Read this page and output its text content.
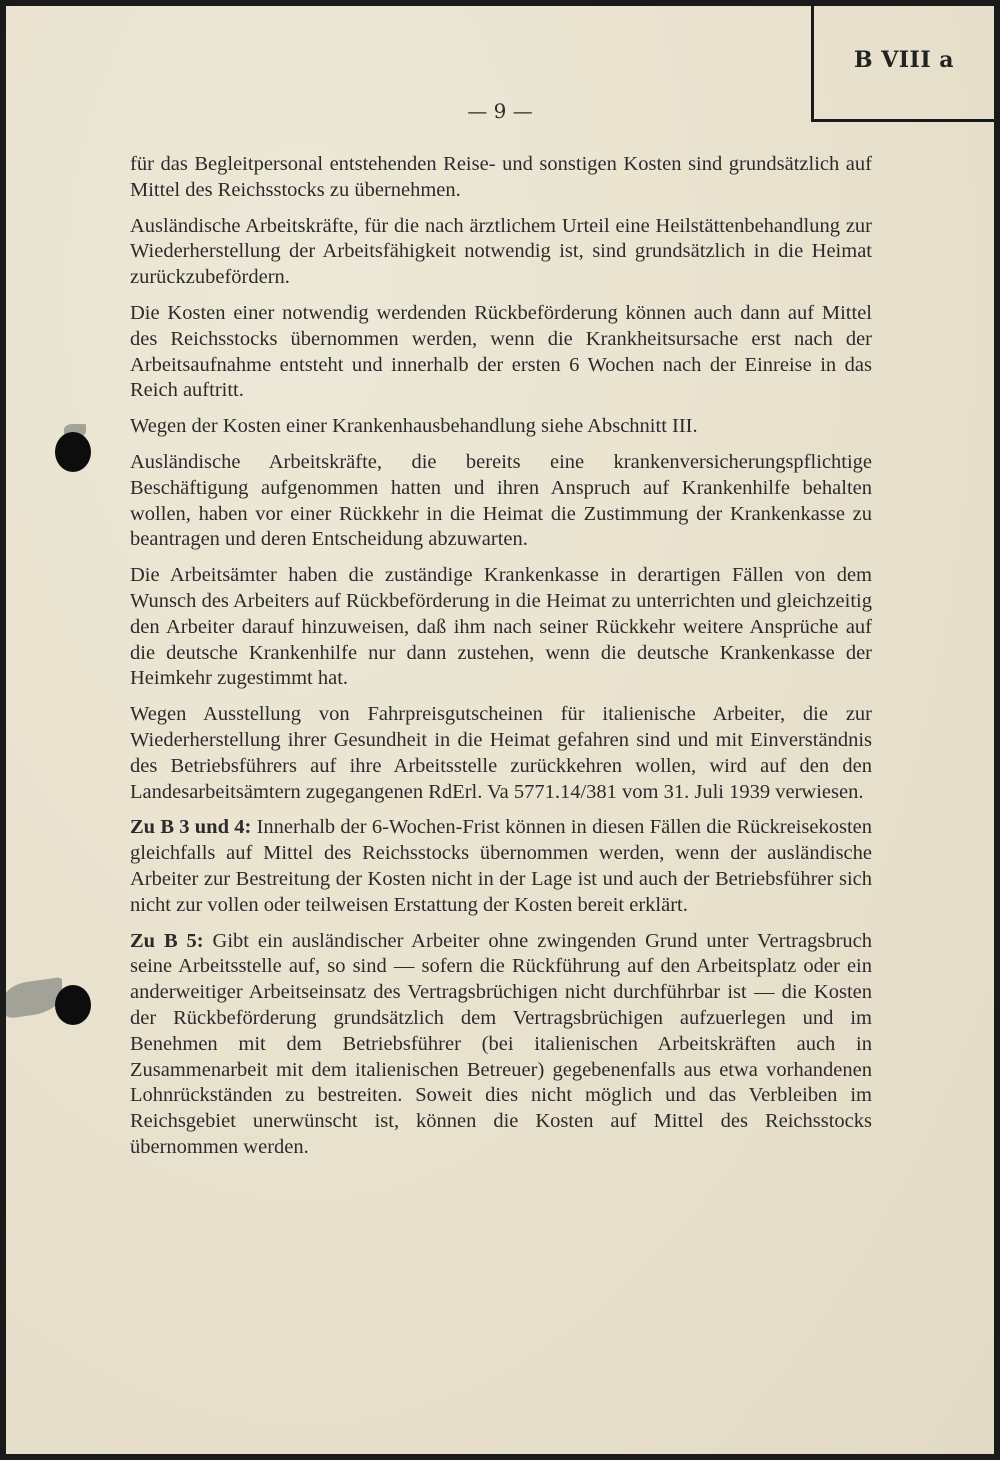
B VIII a
— 9 —

für das Begleitpersonal entstehenden Reise- und sonstigen Kosten sind grundsätzlich auf Mittel des Reichsstocks zu übernehmen.

Ausländische Arbeitskräfte, für die nach ärztlichem Urteil eine Heilstättenbehandlung zur Wiederherstellung der Arbeitsfähigkeit notwendig ist, sind grundsätzlich in die Heimat zurückzubefördern.

Die Kosten einer notwendig werdenden Rückbeförderung können auch dann auf Mittel des Reichsstocks übernommen werden, wenn die Krankheitsursache erst nach der Arbeitsaufnahme entsteht und innerhalb der ersten 6 Wochen nach der Einreise in das Reich auftritt.

Wegen der Kosten einer Krankenhausbehandlung siehe Abschnitt III.

Ausländische Arbeitskräfte, die bereits eine krankenversicherungspflichtige Beschäftigung aufgenommen hatten und ihren Anspruch auf Krankenhilfe behalten wollen, haben vor einer Rückkehr in die Heimat die Zustimmung der Krankenkasse zu beantragen und deren Entscheidung abzuwarten.

Die Arbeitsämter haben die zuständige Krankenkasse in derartigen Fällen von dem Wunsch des Arbeiters auf Rückbeförderung in die Heimat zu unterrichten und gleichzeitig den Arbeiter darauf hinzuweisen, daß ihm nach seiner Rückkehr weitere Ansprüche auf die deutsche Krankenhilfe nur dann zustehen, wenn die deutsche Krankenkasse der Heimkehr zugestimmt hat.

Wegen Ausstellung von Fahrpreisgutscheinen für italienische Arbeiter, die zur Wiederherstellung ihrer Gesundheit in die Heimat gefahren sind und mit Einverständnis des Betriebsführers auf ihre Arbeitsstelle zurückkehren wollen, wird auf den den Landesarbeitsämtern zugegangenen RdErl. Va 5771.14/381 vom 31. Juli 1939 verwiesen.

Zu B 3 und 4: Innerhalb der 6-Wochen-Frist können in diesen Fällen die Rückreisekosten gleichfalls auf Mittel des Reichsstocks übernommen werden, wenn der ausländische Arbeiter zur Bestreitung der Kosten nicht in der Lage ist und auch der Betriebsführer sich nicht zur vollen oder teilweisen Erstattung der Kosten bereit erklärt.

Zu B 5: Gibt ein ausländischer Arbeiter ohne zwingenden Grund unter Vertragsbruch seine Arbeitsstelle auf, so sind — sofern die Rückführung auf den Arbeitsplatz oder ein anderweitiger Arbeitseinsatz des Vertragsbrüchigen nicht durchführbar ist — die Kosten der Rückbeförderung grundsätzlich dem Vertragsbrüchigen aufzuerlegen und im Benehmen mit dem Betriebsführer (bei italienischen Arbeitskräften auch in Zusammenarbeit mit dem italienischen Betreuer) gegebenenfalls aus etwa vorhandenen Lohnrückständen zu bestreiten. Soweit dies nicht möglich und das Verbleiben im Reichsgebiet unerwünscht ist, können die Kosten auf Mittel des Reichsstocks übernommen werden.
